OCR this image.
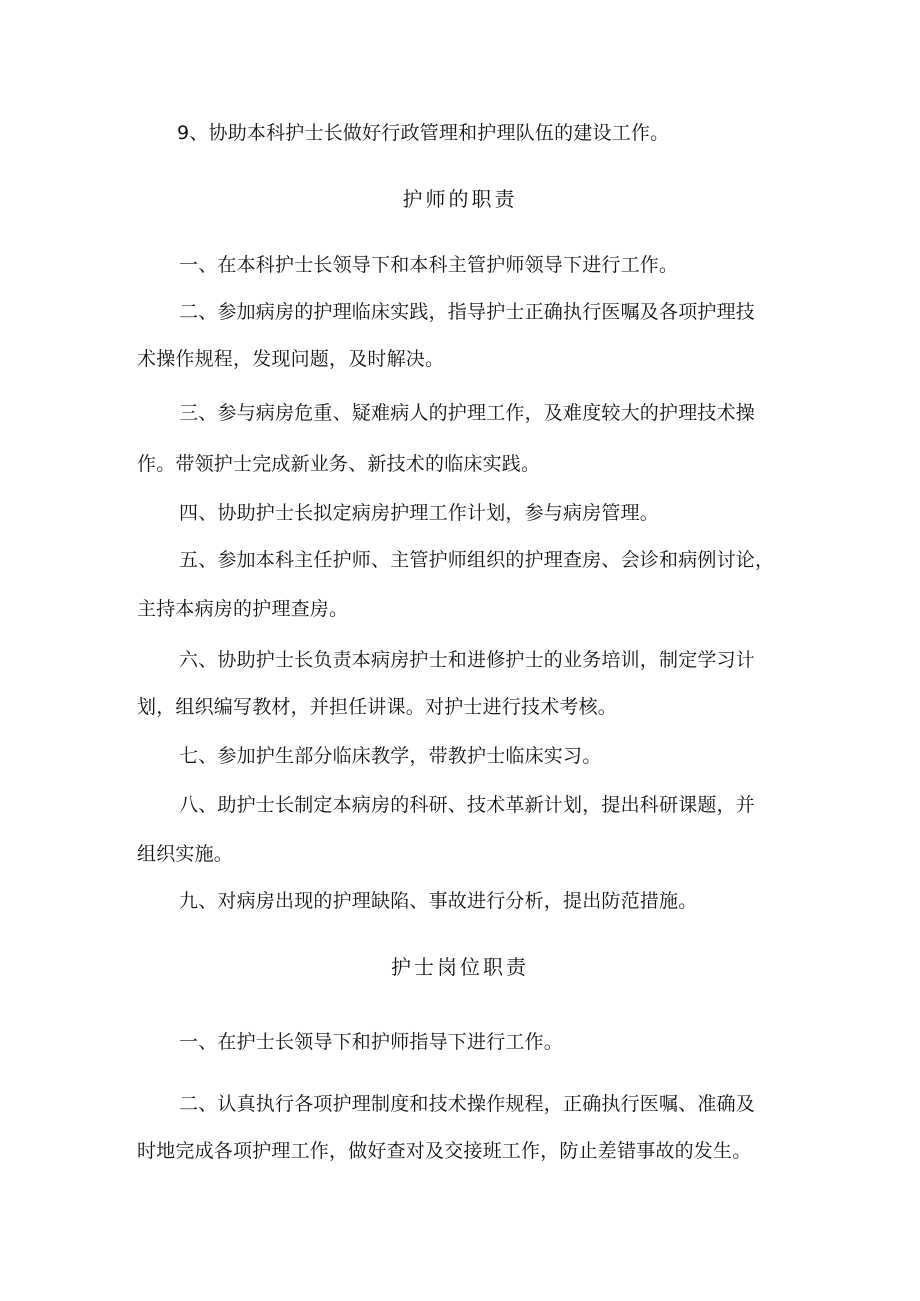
9、协助本科护士长做好行政管理和护理队伍的建设工作。
护师的职责
一、在本科护士长领导下和本科主管护师领导下进行工作。
二、参加病房的护理临床实践，指导护士正确执行医嘱及各项护理技
术操作规程，发现问题，及时解决。
三、参与病房危重、疑难病人的护理工作，及难度较大的护理技术操
作。带领护士完成新业务、新技术的临床实践。
四、协助护士长拟定病房护理工作计划，参与病房管理。
五、参加本科主任护师、主管护师组织的护理查房、会诊和病例讨论，
主持本病房的护理查房。
六、协助护士长负责本病房护士和进修护士的业务培训，制定学习计
划，组织编写教材，并担任讲课。对护士进行技术考核。
七、参加护生部分临床教学，带教护士临床实习。
八、助护士长制定本病房的科研、技术革新计划，提出科研课题，并
组织实施。
九、对病房出现的护理缺陷、事故进行分析，提出防范措施。
护士岗位职责
一、在护士长领导下和护师指导下进行工作。
二、认真执行各项护理制度和技术操作规程，正确执行医嘱、准确及
时地完成各项护理工作，做好查对及交接班工作，防止差错事故的发生。
